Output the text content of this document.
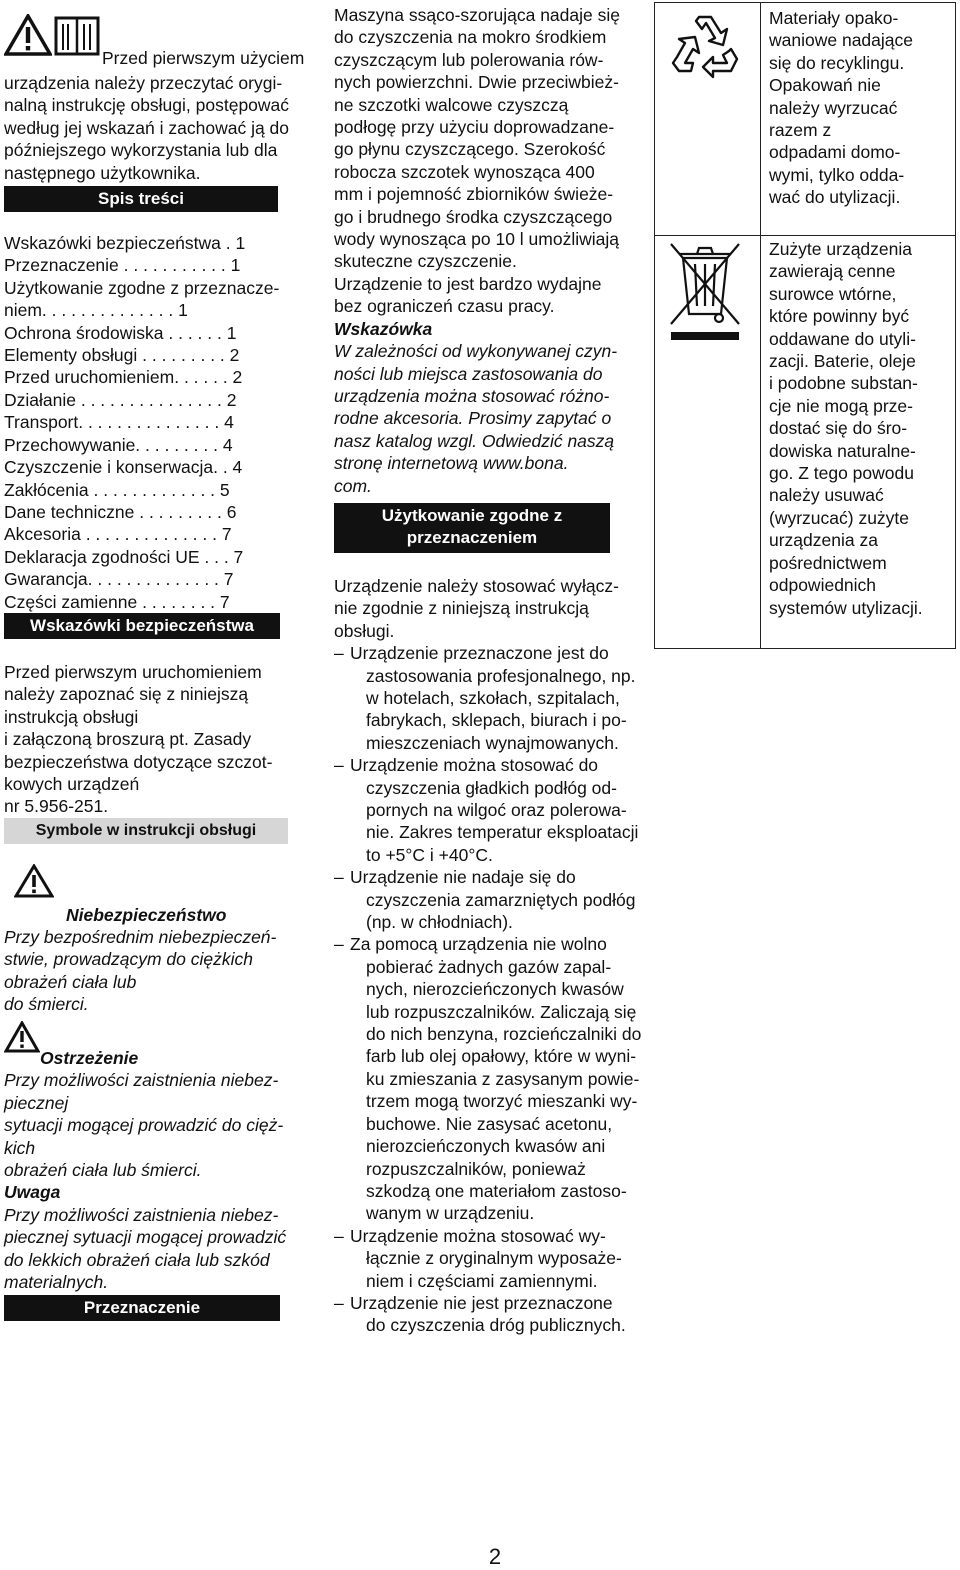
Przed pierwszym użyciem
urządzenia należy przeczytać orygi-
nalną instrukcję obsługi, postępować
według jej wskazań i zachować ją do
późniejszego wykorzystania lub dla
następnego użytkownika.
Spis treści
Wskazówki bezpieczeństwa . 1
Przeznaczenie . . . . . . . . . . . 1
Użytkowanie zgodne z przeznacze-
niem. . . . . . . . . . . . . . 1
Ochrona środowiska . . . . . . 1
Elementy obsługi . . . . . . . . . 2
Przed uruchomieniem. . . . . . 2
Działanie . . . . . . . . . . . . . . . 2
Transport. . . . . . . . . . . . . . . 4
Przechowywanie. . . . . . . . . 4
Czyszczenie i konserwacja. . 4
Zakłócenia . . . . . . . . . . . . . 5
Dane techniczne . . . . . . . . . 6
Akcesoria . . . . . . . . . . . . . . 7
Deklaracja zgodności UE . . . 7
Gwarancja. . . . . . . . . . . . . . 7
Części zamienne . . . . . . . . 7
Wskazówki bezpieczeństwa
Przed pierwszym uruchomieniem
należy zapoznać się z niniejszą
instrukcją obsługi
i załączoną broszurą pt. Zasady
bezpieczeństwa dotyczące szczot-
kowych urządzeń
nr 5.956-251.
Symbole w instrukcji obsługi
Niebezpieczeństwo
Przy bezpośrednim niebezpieczeń-
stwie, prowadzącym do ciężkich
obrażeń ciała lub
do śmierci.
Ostrzeżenie
Przy możliwości zaistnienia niebez-
piecznej
sytuacji mogącej prowadzić do cięż-
kich
obrażeń ciała lub śmierci.
Uwaga
Przy możliwości zaistnienia niebez-
piecznej sytuacji mogącej prowadzić
do lekkich obrażeń ciała lub szkód
materialnych.
Przeznaczenie
Maszyna ssąco-szorująca nadaje się
do czyszczenia na mokro środkiem
czyszczącym lub polerowania rów-
nych powierzchni. Dwie przeciwbież-
ne szczotki walcowe czyszczą
podłogę przy użyciu doprowadzane-
go płynu czyszczącego. Szerokość
robocza szczotek wynosząca 400
mm i pojemność zbiorników świeże-
go i brudnego środka czyszczącego
wody wynosząca po 10 l umożliwiają
skuteczne czyszczenie.
Urządzenie to jest bardzo wydajne
bez ograniczeń czasu pracy.
Wskazówka
W zależności od wykonywanej czyn-
ności lub miejsca zastosowania do
urządzenia można stosować różno-
rodne akcesoria. Prosimy zapytać o
nasz katalog wzgl. Odwiedzić naszą
stronę internetową www.bona.
com.
Użytkowanie zgodne z
przeznaczeniem
Urządzenie należy stosować wyłącz-
nie zgodnie z niniejszą instrukcją
obsługi.
– Urządzenie przeznaczone jest do
zastosowania profesjonalnego, np.
w hotelach, szkołach, szpitalach,
fabrykach, sklepach, biurach i po-
mieszczeniach wynajmowanych.
– Urządzenie można stosować do
czyszczenia gładkich podłóg od-
pornych na wilgoć oraz polerowa-
nie. Zakres temperatur eksploatacji
to +5°C i +40°C.
– Urządzenie nie nadaje się do
czyszczenia zamarzniętych podłóg
(np. w chłodniach).
– Za pomocą urządzenia nie wolno
pobierać żadnych gazów zapal-
nych, nierozcieńczonych kwasów
lub rozpuszczalników. Zaliczają się
do nich benzyna, rozcieńczalniki do
farb lub olej opałowy, które w wyni-
ku zmieszania z zasysanym powie-
trzem mogą tworzyć mieszanki wy-
buchowe. Nie zasysać acetonu,
nierozcieńczonych kwasów ani
rozpuszczalników, ponieważ
szkodzą one materiałom zastoso-
wanym w urządzeniu.
– Urządzenie można stosować wy-
łącznie z oryginalnym wyposaże-
niem i częściami zamiennymi.
– Urządzenie nie jest przeznaczone
do czyszczenia dróg publicznych.
Materiały opako-
waniowe nadające
się do recyklingu.
Opakowań nie
należy wyrzucać
razem z
odpadami domo-
wymi, tylko odda-
wać do utylizacji.
Zużyte urządzenia
zawierają cenne
surowce wtórne,
które powinny być
oddawane do utyli-
zacji. Baterie, oleje
i podobne substan-
cje nie mogą prze-
dostać się do śro-
dowiska naturalne-
go. Z tego powodu
należy usuwać
(wyrzucać) zużyte
urządzenia za
pośrednictwem
odpowiednich
systemów utylizacji.
2
